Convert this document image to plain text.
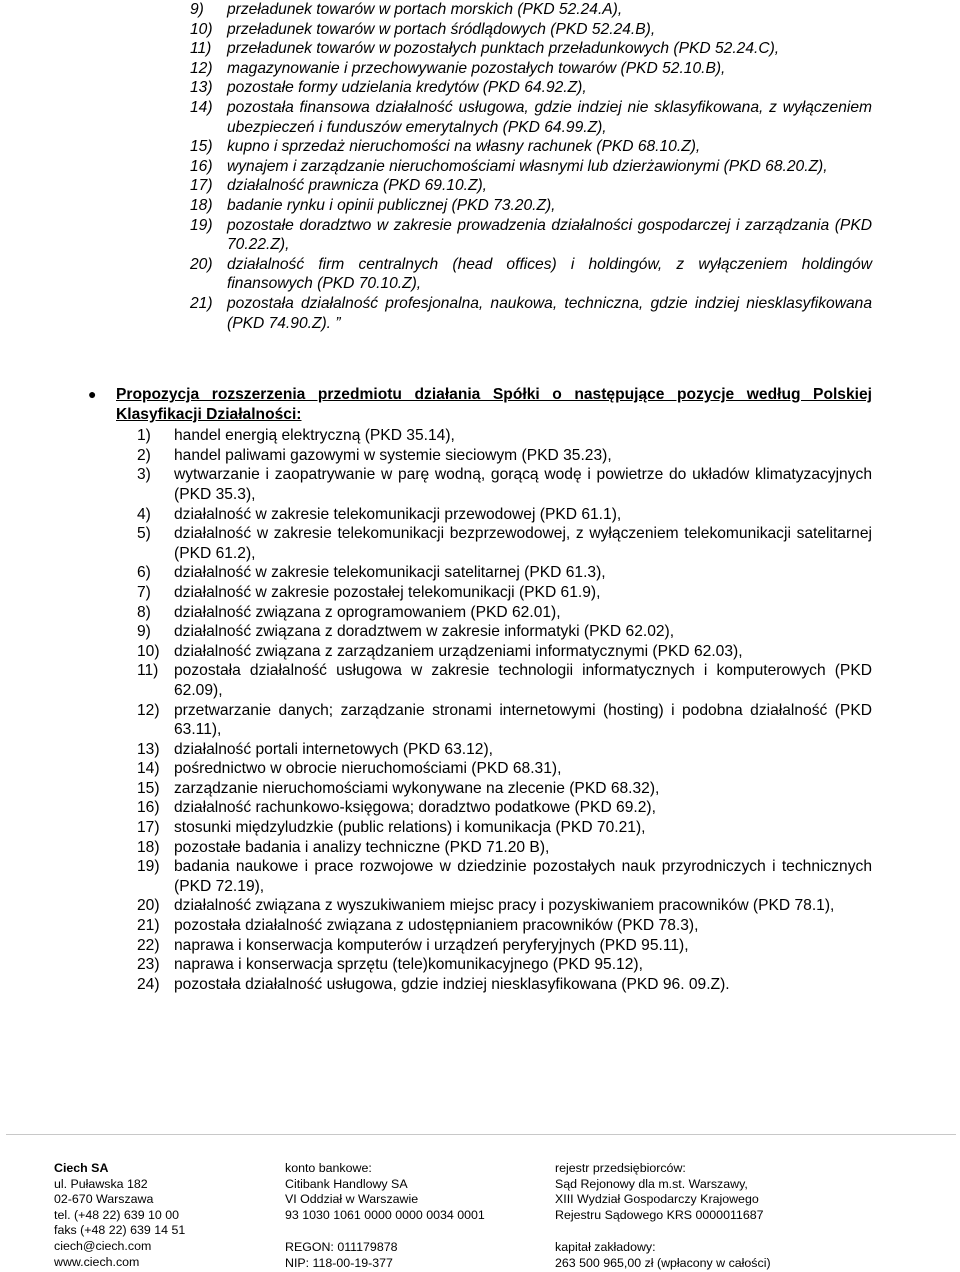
9)	przeładunek towarów w portach morskich (PKD 52.24.A),
10) przeładunek towarów w portach śródlądowych (PKD 52.24.B),
11)	przeładunek towarów w pozostałych punktach przeładunkowych (PKD 52.24.C),
12) magazynowanie i przechowywanie pozostałych towarów (PKD 52.10.B),
13) pozostałe formy udzielania kredytów (PKD 64.92.Z),
14) pozostała finansowa działalność usługowa, gdzie indziej nie sklasyfikowana, z wyłączeniem ubezpieczeń i funduszów emerytalnych (PKD 64.99.Z),
15) kupno i sprzedaż nieruchomości na własny rachunek (PKD 68.10.Z),
16) wynajem i zarządzanie nieruchomościami własnymi lub dzierżawionymi (PKD 68.20.Z),
17) działalność prawnicza (PKD 69.10.Z),
18) badanie rynku i opinii publicznej (PKD 73.20.Z),
19) pozostałe doradztwo w zakresie prowadzenia działalności gospodarczej i zarządzania (PKD 70.22.Z),
20) działalność firm centralnych (head offices) i holdingów, z wyłączeniem holdingów finansowych (PKD 70.10.Z),
21) pozostała działalność profesjonalna, naukowa, techniczna, gdzie indziej niesklasyfikowana (PKD 74.90.Z). ”
●	Propozycja rozszerzenia przedmiotu działania Spółki o następujące pozycje według Polskiej Klasyfikacji Działalności:
1)	handel energią elektryczną (PKD 35.14),
2)	handel paliwami gazowymi w systemie sieciowym (PKD 35.23),
3)	wytwarzanie i zaopatrywanie w parę wodną, gorącą wodę i powietrze do układów klimatyzacyjnych (PKD 35.3),
4)	działalność w zakresie telekomunikacji przewodowej (PKD 61.1),
5)	działalność w zakresie telekomunikacji bezprzewodowej, z wyłączeniem telekomunikacji satelitarnej (PKD 61.2),
6)	działalność w zakresie telekomunikacji satelitarnej (PKD 61.3),
7)	działalność w zakresie pozostałej telekomunikacji (PKD 61.9),
8)	działalność związana z oprogramowaniem (PKD 62.01),
9)	działalność związana z doradztwem w zakresie informatyki (PKD 62.02),
10) działalność związana z zarządzaniem urządzeniami informatycznymi (PKD 62.03),
11)	pozostała działalność usługowa w zakresie technologii informatycznych i komputerowych (PKD 62.09),
12) przetwarzanie danych; zarządzanie stronami internetowymi (hosting) i podobna działalność (PKD 63.11),
13) działalność portali internetowych (PKD 63.12),
14) pośrednictwo w obrocie nieruchomościami (PKD 68.31),
15) zarządzanie nieruchomościami wykonywane na zlecenie (PKD 68.32),
16) działalność rachunkowo-księgowa; doradztwo podatkowe (PKD 69.2),
17) stosunki międzyludzkie (public relations) i komunikacja (PKD 70.21),
18) pozostałe badania i analizy techniczne (PKD 71.20 B),
19) badania naukowe i prace rozwojowe w dziedzinie pozostałych nauk przyrodniczych i technicznych (PKD 72.19),
20) działalność związana z wyszukiwaniem miejsc pracy i pozyskiwaniem pracowników (PKD 78.1),
21) pozostała działalność związana z udostępnianiem pracowników (PKD 78.3),
22) naprawa i konserwacja komputerów i urządzeń peryferyjnych (PKD 95.11),
23) naprawa i konserwacja sprzętu (tele)komunikacyjnego (PKD 95.12),
24) pozostała działalność usługowa, gdzie indziej niesklasyfikowana (PKD 96. 09.Z).
Ciech SA
ul. Puławska 182
02-670 Warszawa
tel. (+48 22) 639 10 00
faks (+48 22) 639 14 51
ciech@ciech.com
www.ciech.com
konto bankowe:
Citibank Handlowy SA
VI Oddział w Warszawie
93 1030 1061 0000 0000 0034 0001
REGON: 011179878
NIP: 118-00-19-377
rejestr przedsiębiorców:
Sąd Rejonowy dla m.st. Warszawy,
XIII Wydział Gospodarczy Krajowego
Rejestru Sądowego KRS 0000011687
kapitał zakładowy:
263 500 965,00 zł (wpłacony w całości)
